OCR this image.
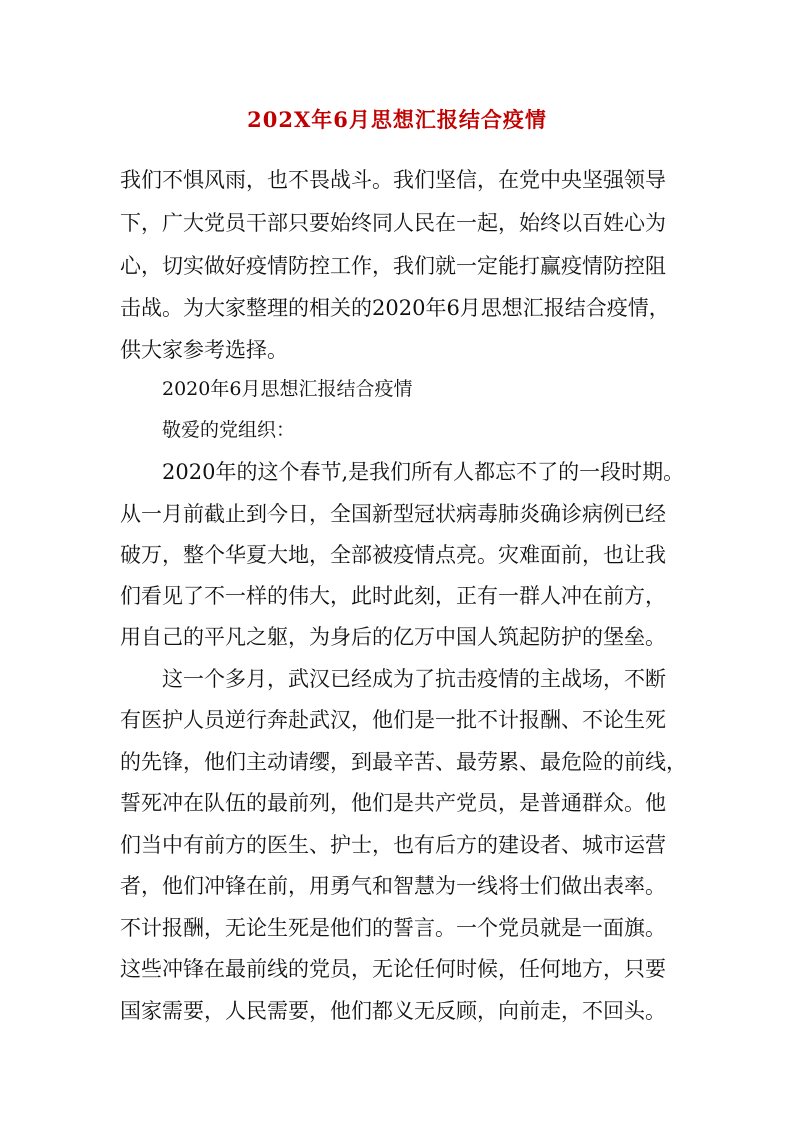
202X年6月思想汇报结合疫情

我们不惧风雨，也不畏战斗。我们坚信，在党中央坚强领导

下，广大党员干部只要始终同人民在一起，始终以百姓心为

心，切实做好疫情防控工作，我们就一定能打赢疫情防控阻

击战。为大家整理的相关的2020年6月思想汇报结合疫情，

供大家参考选择。

2020年6月思想汇报结合疫情

敬爱的党组织：

2020年的这个春节,是我们所有人都忘不了的一段时期。

从一月前截止到今日，全国新型冠状病毒肺炎确诊病例已经

破万，整个华夏大地，全部被疫情点亮。灾难面前，也让我

们看见了不一样的伟大，此时此刻，正有一群人冲在前方，

用自己的平凡之躯，为身后的亿万中国人筑起防护的堡垒。

这一个多月，武汉已经成为了抗击疫情的主战场，不断

有医护人员逆行奔赴武汉，他们是一批不计报酬、不论生死

的先锋，他们主动请缨，到最辛苦、最劳累、最危险的前线，

誓死冲在队伍的最前列，他们是共产党员，是普通群众。他

们当中有前方的医生、护士，也有后方的建设者、城市运营

者，他们冲锋在前，用勇气和智慧为一线将士们做出表率。

不计报酬，无论生死是他们的誓言。一个党员就是一面旗。

这些冲锋在最前线的党员，无论任何时候，任何地方，只要

国家需要，人民需要，他们都义无反顾，向前走，不回头。
